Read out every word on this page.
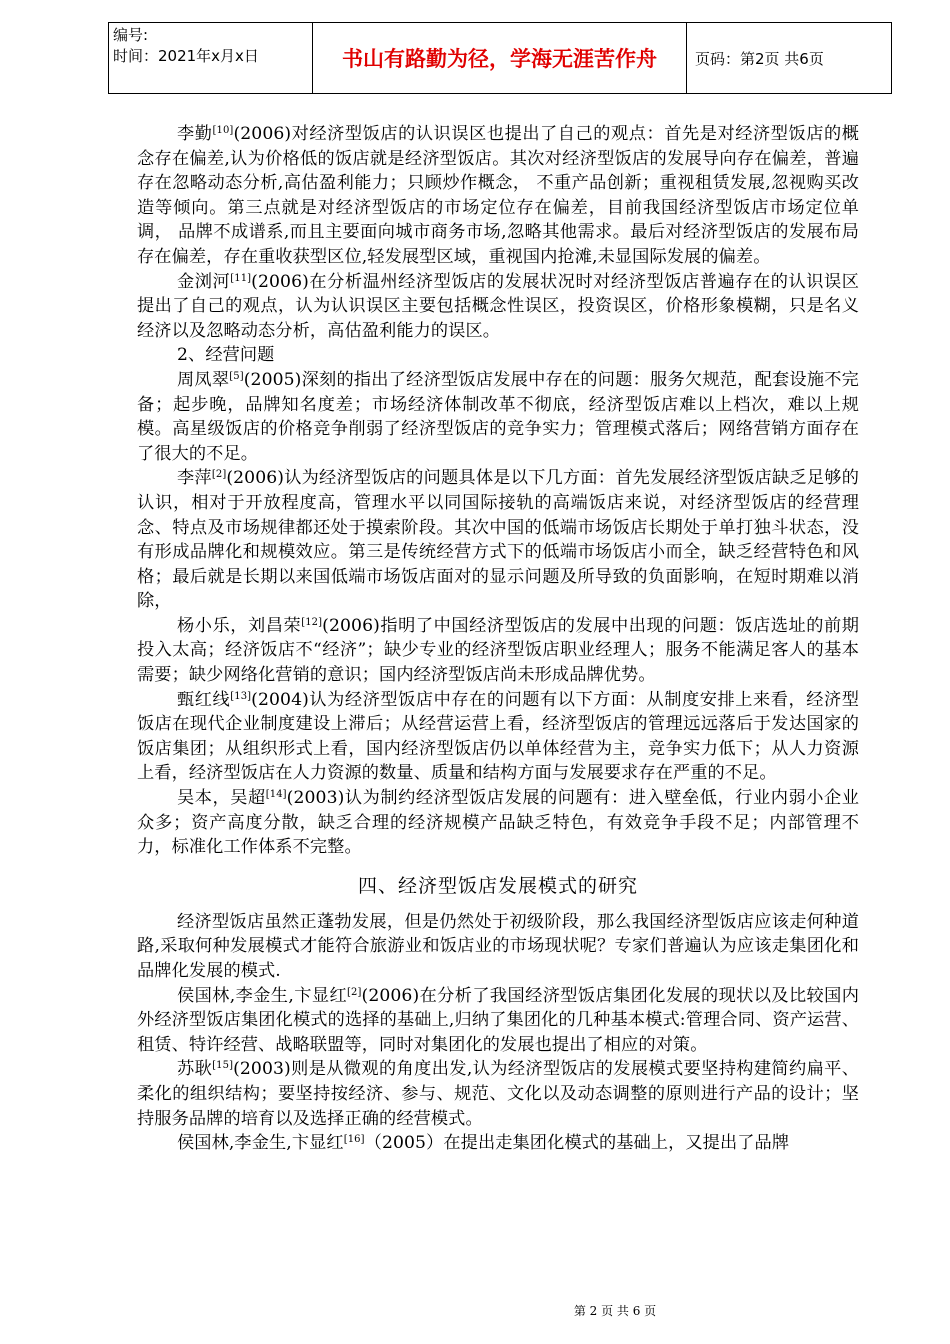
编号:
时间：2021年x月x日	书山有路勤为径，学海无涯苦作舟	页码：第2页 共6页

李勤[10](2006)对经济型饭店的认识误区也提出了自己的观点：首先是对经济型饭店的概念存在偏差,认为价格低的饭店就是经济型饭店。其次对经济型饭店的发展导向存在偏差，普遍存在忽略动态分析,高估盈利能力；只顾炒作概念， 不重产品创新；重视租赁发展,忽视购买改造等倾向。第三点就是对经济型饭店的市场定位存在偏差，目前我国经济型饭店市场定位单调， 品牌不成谱系,而且主要面向城市商务市场,忽略其他需求。最后对经济型饭店的发展布局存在偏差，存在重收获型区位,轻发展型区域，重视国内抢滩,未显国际发展的偏差。

金浏河[11](2006)在分析温州经济型饭店的发展状况时对经济型饭店普遍存在的认识误区提出了自己的观点，认为认识误区主要包括概念性误区，投资误区，价格形象模糊，只是名义经济以及忽略动态分析，高估盈利能力的误区。

2、经营问题

周凤翠[5](2005)深刻的指出了经济型饭店发展中存在的问题：服务欠规范，配套设施不完备；起步晚，品牌知名度差；市场经济体制改革不彻底，经济型饭店难以上档次，难以上规模。高星级饭店的价格竞争削弱了经济型饭店的竞争实力；管理模式落后；网络营销方面存在了很大的不足。

李萍[2](2006)认为经济型饭店的问题具体是以下几方面：首先发展经济型饭店缺乏足够的认识，相对于开放程度高，管理水平以同国际接轨的高端饭店来说，对经济型饭店的经营理念、特点及市场规律都还处于摸索阶段。其次中国的低端市场饭店长期处于单打独斗状态，没有形成品牌化和规模效应。第三是传统经营方式下的低端市场饭店小而全，缺乏经营特色和风格；最后就是长期以来国低端市场饭店面对的显示问题及所导致的负面影响，在短时期难以消除，

杨小乐，刘昌荣[12](2006)指明了中国经济型饭店的发展中出现的问题：饭店选址的前期投入太高；经济饭店不“经济”；缺少专业的经济型饭店职业经理人；服务不能满足客人的基本需要；缺少网络化营销的意识；国内经济型饭店尚未形成品牌优势。

甄红线[13](2004)认为经济型饭店中存在的问题有以下方面：从制度安排上来看，经济型饭店在现代企业制度建设上滞后；从经营运营上看，经济型饭店的管理远远落后于发达国家的饭店集团；从组织形式上看，国内经济型饭店仍以单体经营为主，竞争实力低下；从人力资源上看，经济型饭店在人力资源的数量、质量和结构方面与发展要求存在严重的不足。

吴本，吴超[14](2003)认为制约经济型饭店发展的问题有：进入壁垒低，行业内弱小企业众多；资产高度分散，缺乏合理的经济规模产品缺乏特色，有效竞争手段不足；内部管理不力，标准化工作体系不完整。

四、经济型饭店发展模式的研究

经济型饭店虽然正蓬勃发展，但是仍然处于初级阶段，那么我国经济型饭店应该走何种道路,采取何种发展模式才能符合旅游业和饭店业的市场现状呢？专家们普遍认为应该走集团化和品牌化发展的模式.

侯国林,李金生,卞显红[2](2006)在分析了我国经济型饭店集团化发展的现状以及比较国内外经济型饭店集团化模式的选择的基础上,归纳了集团化的几种基本模式:管理合同、资产运营、租赁、特许经营、战略联盟等，同时对集团化的发展也提出了相应的对策。

苏耿[15](2003)则是从微观的角度出发,认为经济型饭店的发展模式要坚持构建简约扁平、柔化的组织结构；要坚持按经济、参与、规范、文化以及动态调整的原则进行产品的设计；坚持服务品牌的培育以及选择正确的经营模式。

侯国林,李金生,卞显红[16]（2005）在提出走集团化模式的基础上，又提出了品牌

第 2 页 共 6 页
